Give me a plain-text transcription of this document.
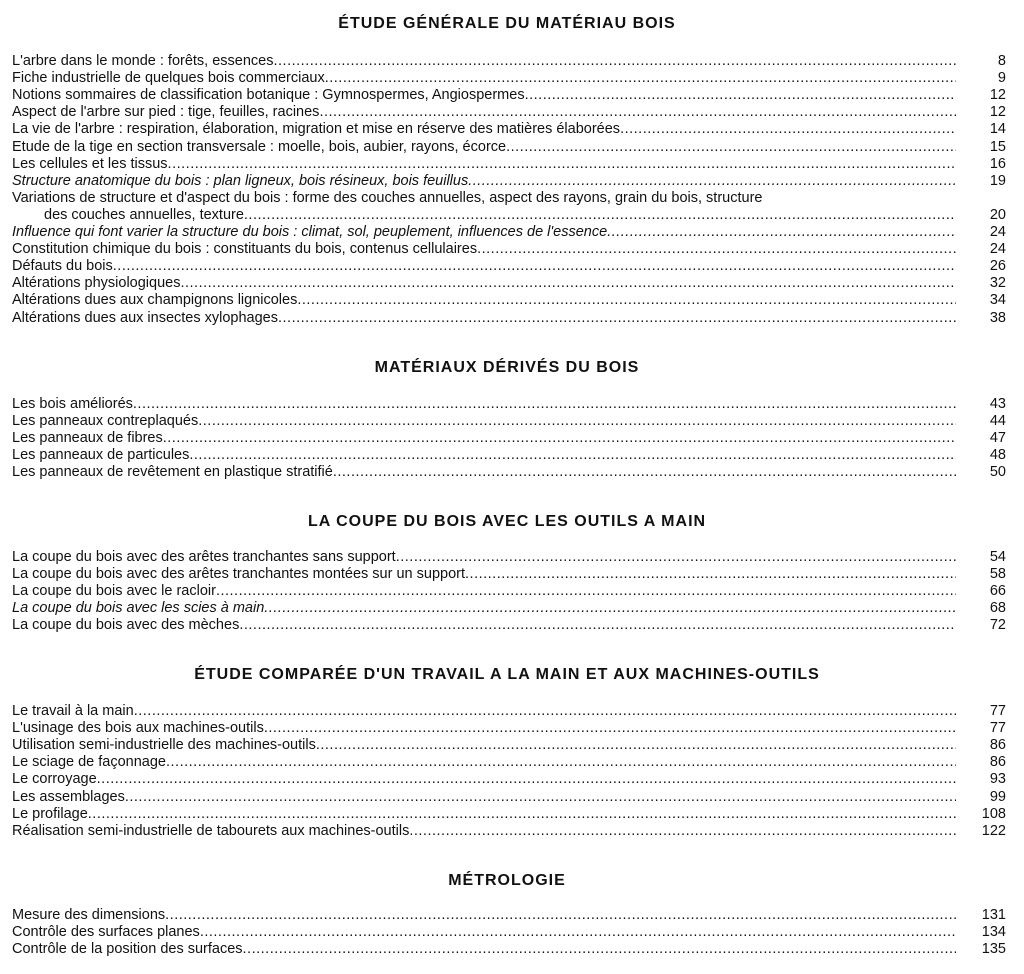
ÉTUDE GÉNÉRALE DU MATÉRIAU BOIS
L'arbre dans le monde : forêts, essences .....	8
Fiche industrielle de quelques bois commerciaux .....	9
Notions sommaires de classification botanique : Gymnospermes, Angiospermes .....	12
Aspect de l'arbre sur pied : tige, feuilles, racines .....	12
La vie de l'arbre : respiration, élaboration, migration et mise en réserve des matières élaborées .....	14
Etude de la tige en section transversale : moelle, bois, aubier, rayons, écorce .....	15
Les cellules et les tissus .....	16
Structure anatomique du bois : plan ligneux, bois résineux, bois feuillus .....	19
Variations de structure et d'aspect du bois : forme des couches annuelles, aspect des rayons, grain du bois, structure
des couches annuelles, texture .....	20
Influence qui font varier la structure du bois : climat, sol, peuplement, influences de l'essence .....	24
Constitution chimique du bois : constituants du bois, contenus cellulaires .....	24
Défauts du bois .....	26
Altérations physiologiques .....	32
Altérations dues aux champignons lignicoles .....	34
Altérations dues aux insectes xylophages .....	38
MATÉRIAUX DÉRIVÉS DU BOIS
Les bois améliorés .....	43
Les panneaux contreplaqués .....	44
Les panneaux de fibres .....	47
Les panneaux de particules .....	48
Les panneaux de revêtement en plastique stratifié .....	50
LA COUPE DU BOIS AVEC LES OUTILS A MAIN
La coupe du bois avec des arêtes tranchantes sans support .....	54
La coupe du bois avec des arêtes tranchantes montées sur un support .....	58
La coupe du bois avec le racloir .....	66
La coupe du bois avec les scies à main .....	68
La coupe du bois avec des mèches .....	72
ÉTUDE COMPARÉE D'UN TRAVAIL A LA MAIN ET AUX MACHINES-OUTILS
Le travail à la main .....	77
L'usinage des bois aux machines-outils .....	77
Utilisation semi-industrielle des machines-outils .....	86
Le sciage de façonnage .....	86
Le corroyage .....	93
Les assemblages .....	99
Le profilage .....	108
Réalisation semi-industrielle de tabourets aux machines-outils .....	122
MÉTROLOGIE
Mesure des dimensions .....	131
Contrôle des surfaces planes .....	134
Contrôle de la position des surfaces .....	135
